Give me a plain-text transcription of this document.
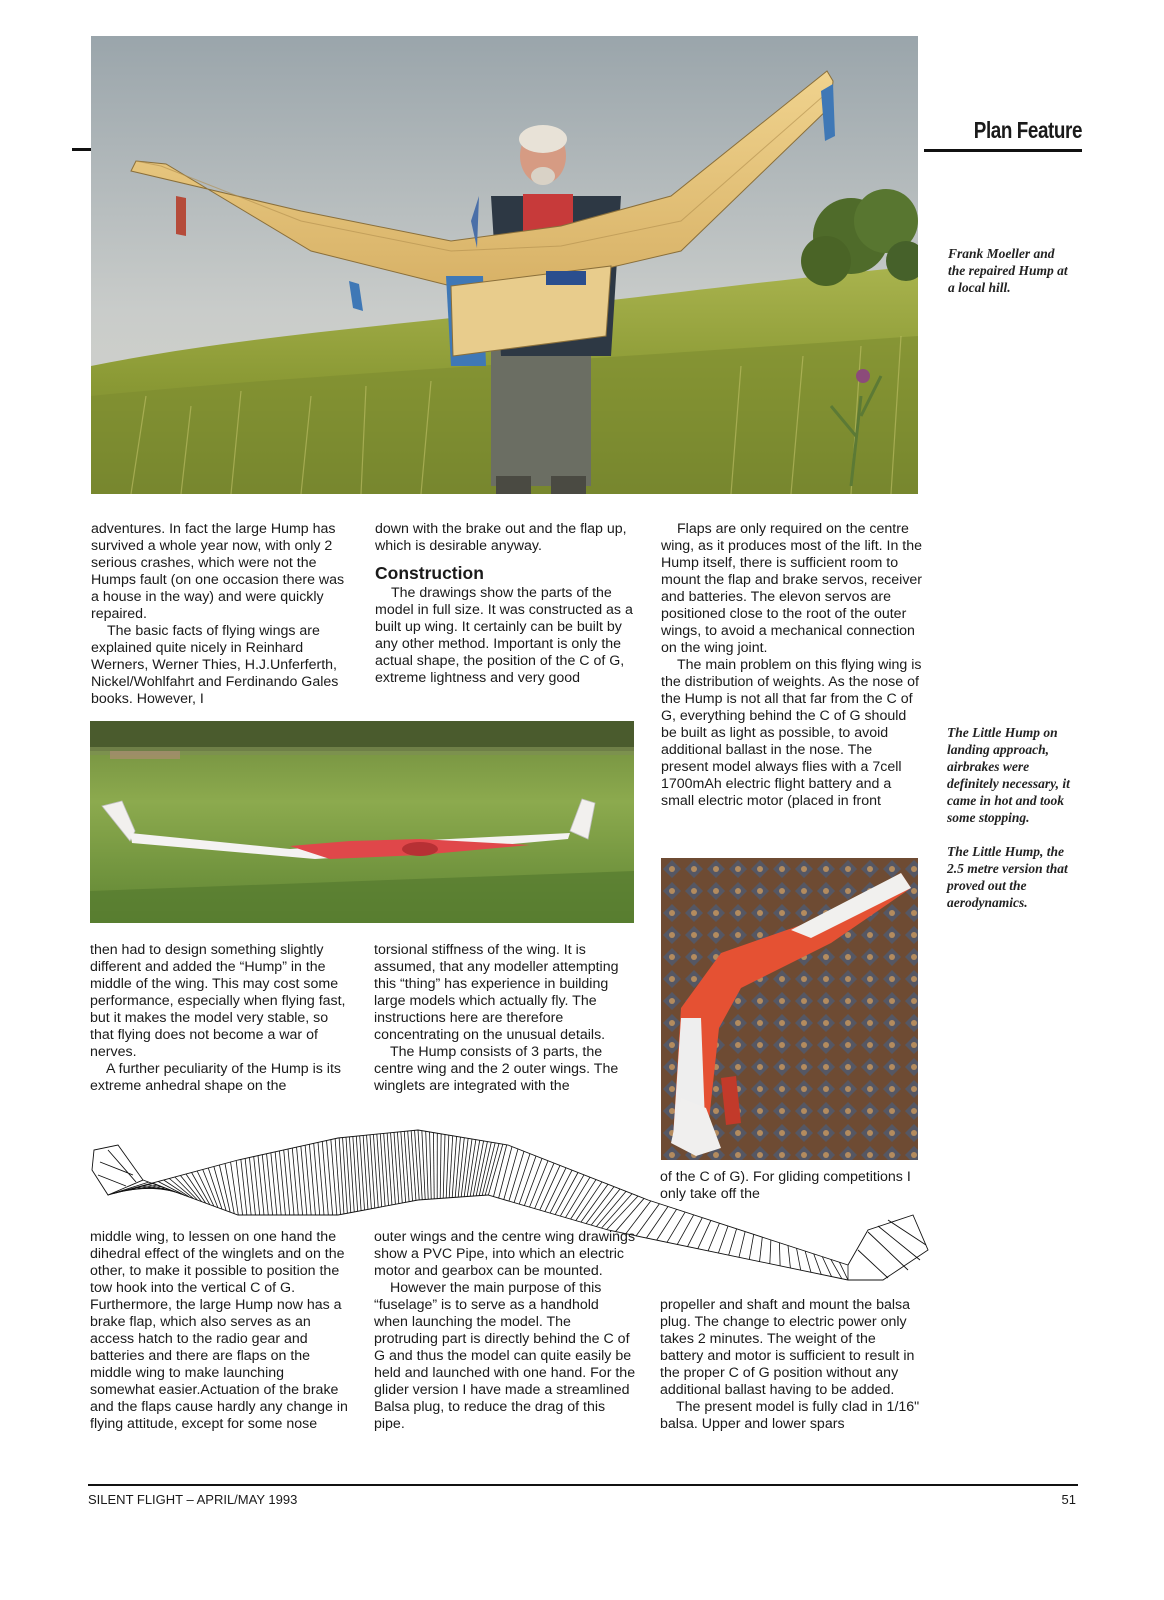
Plan Feature
Frank Moeller and the repaired Hump at a local hill.

adventures. In fact the large Hump has survived a whole year now, with only 2 serious crashes, which were not the Humps fault (on one occasion there was a house in the way) and were quickly repaired.

The basic facts of flying wings are explained quite nicely in Reinhard Werners, Werner Thies, H.J.Unferferth, Nickel/Wohlfahrt and Ferdinando Gales books. However, I

down with the brake out and the flap up, which is desirable anyway.

Construction

The drawings show the parts of the model in full size. It was constructed as a built up wing. It certainly can be built by any other method. Important is only the actual shape, the position of the C of G, extreme lightness and very good

Flaps are only required on the centre wing, as it produces most of the lift. In the Hump itself, there is sufficient room to mount the flap and brake servos, receiver and batteries. The elevon servos are positioned close to the root of the outer wings, to avoid a mechanical connection on the wing joint.

The main problem on this flying wing is the distribution of weights. As the nose of the Hump is not all that far from the C of G, everything behind the C of G should be built as light as possible, to avoid additional ballast in the nose. The present model always flies with a 7cell 1700mAh electric flight battery and a small electric motor (placed in front

The Little Hump on landing approach, airbrakes were definitely necessary, it came in hot and took some stopping.
The Little Hump, the 2.5 metre version that proved out the aerodynamics.

then had to design something slightly different and added the “Hump” in the middle of the wing. This may cost some performance, especially when flying fast, but it makes the model very stable, so that flying does not become a war of nerves.

A further peculiarity of the Hump is its extreme anhedral shape on the

torsional stiffness of the wing. It is assumed, that any modeller attempting this “thing” has experience in building large models which actually fly. The instructions here are therefore concentrating on the unusual details.

The Hump consists of 3 parts, the centre wing and the 2 outer wings. The winglets are integrated with the

of the C of G). For gliding competitions I only take off the

middle wing, to lessen on one hand the dihedral effect of the winglets and on the other, to make it possible to position the tow hook into the vertical C of G. Furthermore, the large Hump now has a brake flap, which also serves as an access hatch to the radio gear and batteries and there are flaps on the middle wing to make launching somewhat easier.Actuation of the brake and the flaps cause hardly any change in flying attitude, except for some nose

outer wings and the centre wing drawings show a PVC Pipe, into which an electric motor and gearbox can be mounted.

However the main purpose of this “fuselage” is to serve as a handhold when launching the model. The protruding part is directly behind the C of G and thus the model can quite easily be held and launched with one hand. For the glider version I have made a streamlined Balsa plug, to reduce the drag of this pipe.

propeller and shaft and mount the balsa plug. The change to electric power only takes 2 minutes. The weight of the battery and motor is sufficient to result in the proper C of G position without any additional ballast having to be added.

The present model is fully clad in 1/16" balsa. Upper and lower spars

SILENT FLIGHT – APRIL/MAY 1993	51
